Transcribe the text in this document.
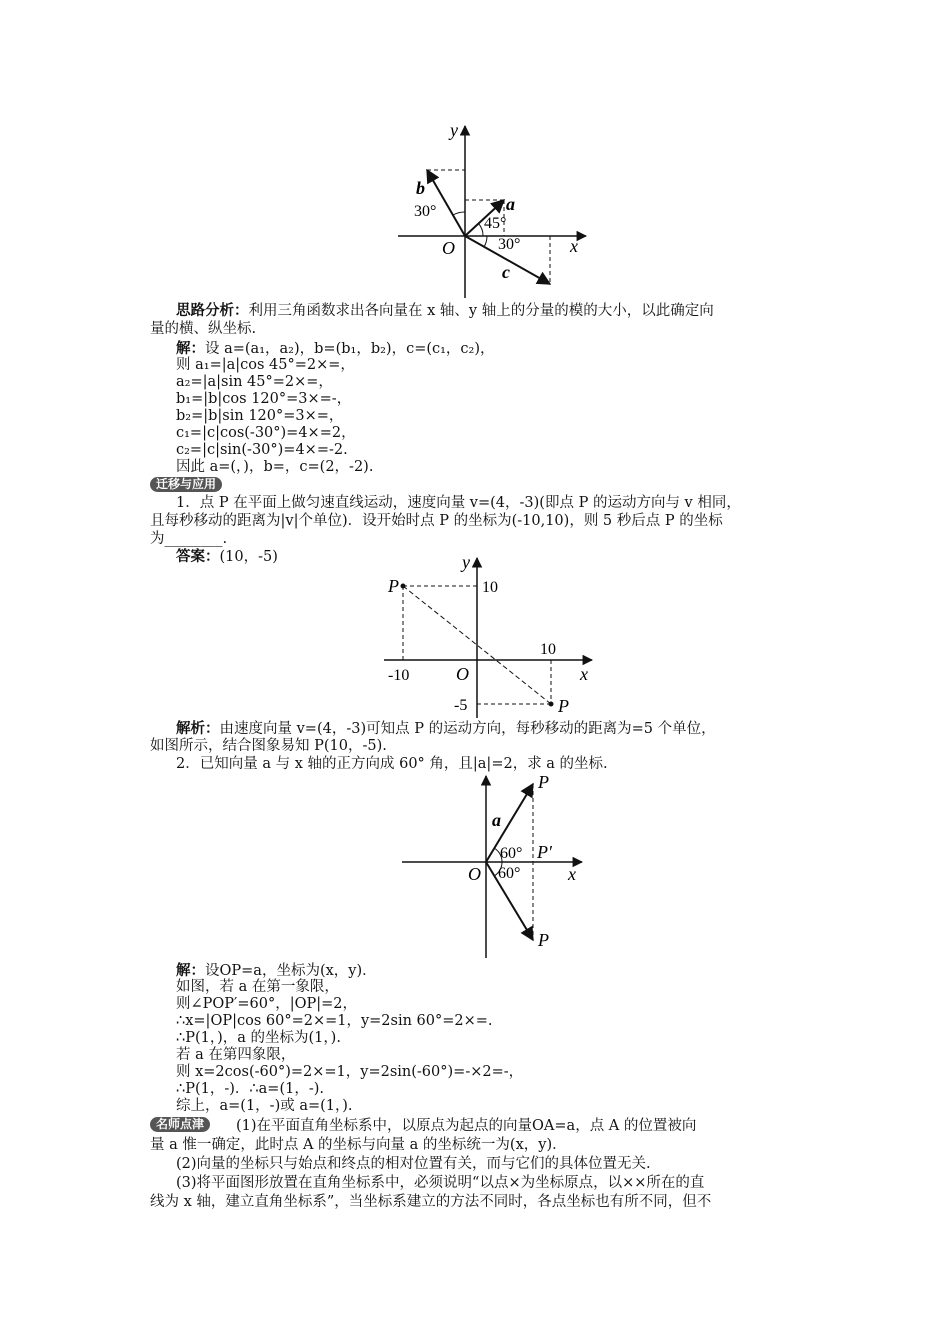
y
x
O
b
a
c
30°
45°
30°
思路分析：利用三角函数求出各向量在 x 轴、y 轴上的分量的模的大小，以此确定向
量的横、纵坐标.
解：设 a=(a₁，a₂)，b=(b₁，b₂)，c=(c₁，c₂)，
则 a₁=|a|cos 45°=2×=，
a₂=|a|sin 45°=2×=，
b₁=|b|cos 120°=3×=-，
b₂=|b|sin 120°=3×=，
c₁=|c|cos(-30°)=4×=2，
c₂=|c|sin(-30°)=4×=-2.
因此 a=(，)，b=，c=(2，-2).
迁移与应用
1．点 P 在平面上做匀速直线运动，速度向量 v=(4，-3)(即点 P 的运动方向与 v 相同，
且每秒移动的距离为|v|个单位)．设开始时点 P 的坐标为(-10,10)，则 5 秒后点 P 的坐标
为________.
答案：(10，-5)
P
P
y
x
O
10
10
-10
-5
解析：由速度向量 v=(4，-3)可知点 P 的运动方向，每秒移动的距离为=5 个单位，
如图所示，结合图象易知 P(10，-5).
2．已知向量 a 与 x 轴的正方向成 60° 角，且|a|=2，求 a 的坐标.
P
P
P′
a
60°
60°
O	x
解：设OP=a，坐标为(x，y)．
如图，若 a 在第一象限，
则∠POP′=60°，|OP|=2，
∴x=|OP|cos 60°=2×=1，y=2sin 60°=2×=.
∴P(1，)，a 的坐标为(1，).
若 a 在第四象限，
则 x=2cos(-60°)=2×=1，y=2sin(-60°)=-×2=-，
∴P(1，-)．∴a=(1，-).
综上，a=(1，-)或 a=(1，).
名师点津	(1)在平面直角坐标系中，以原点为起点的向量OA=a，点 A 的位置被向
量 a 惟一确定，此时点 A 的坐标与向量 a 的坐标统一为(x，y)．
(2)向量的坐标只与始点和终点的相对位置有关，而与它们的具体位置无关.
(3)将平面图形放置在直角坐标系中，必须说明“以点×为坐标原点，以××所在的直
线为 x 轴，建立直角坐标系”，当坐标系建立的方法不同时，各点坐标也有所不同，但不
